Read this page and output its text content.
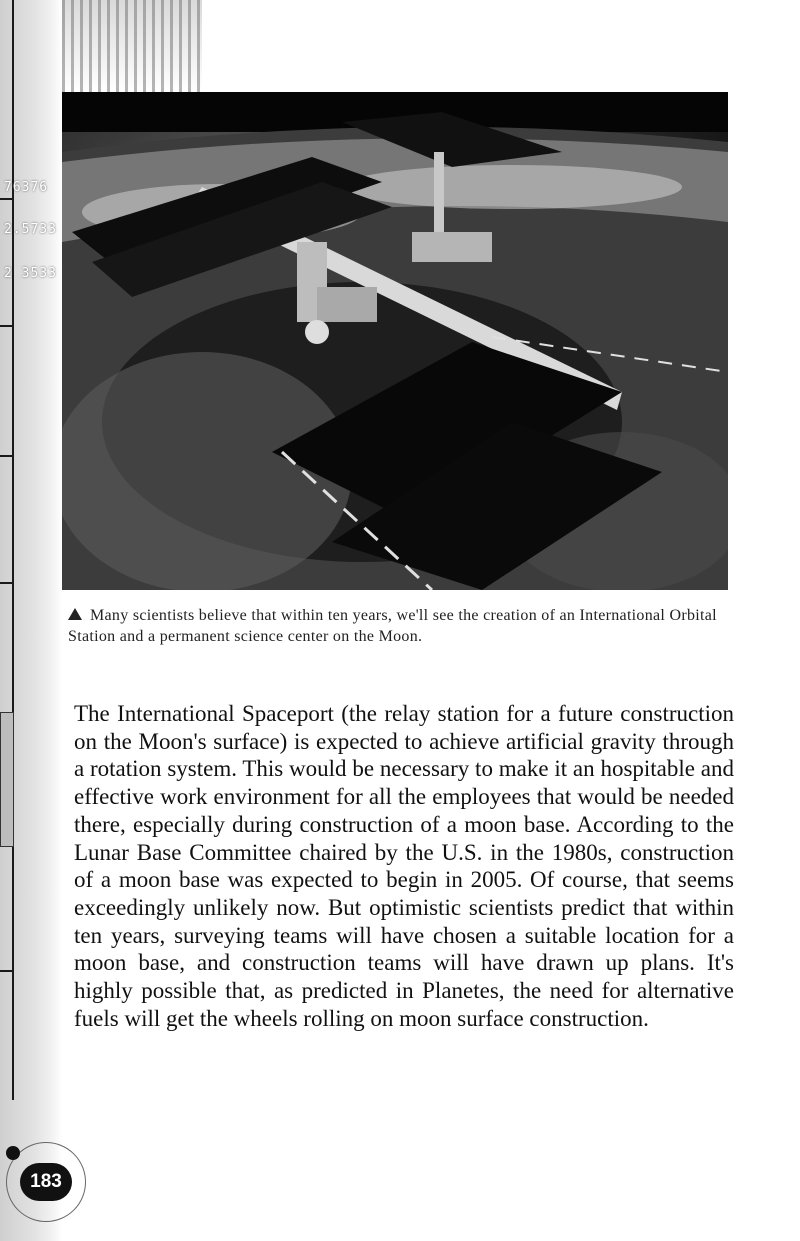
76376
2.5733
2 3533
Many scientists believe that within ten years, we'll see the creation of an International Orbital Station and a permanent science center on the Moon.
The International Spaceport (the relay station for a future construction on the Moon's surface) is expected to achieve artificial gravity through a rotation system. This would be necessary to make it an hospitable and effective work environment for all the employees that would be needed there, especially during construction of a moon base. According to the Lunar Base Committee chaired by the U.S. in the 1980s, construction of a moon base was expected to begin in 2005. Of course, that seems exceedingly unlikely now. But optimistic scientists predict that within ten years, surveying teams will have chosen a suitable location for a moon base, and construction teams will have drawn up plans. It's highly possible that, as predicted in Planetes, the need for alternative fuels will get the wheels rolling on moon surface construction.
183
